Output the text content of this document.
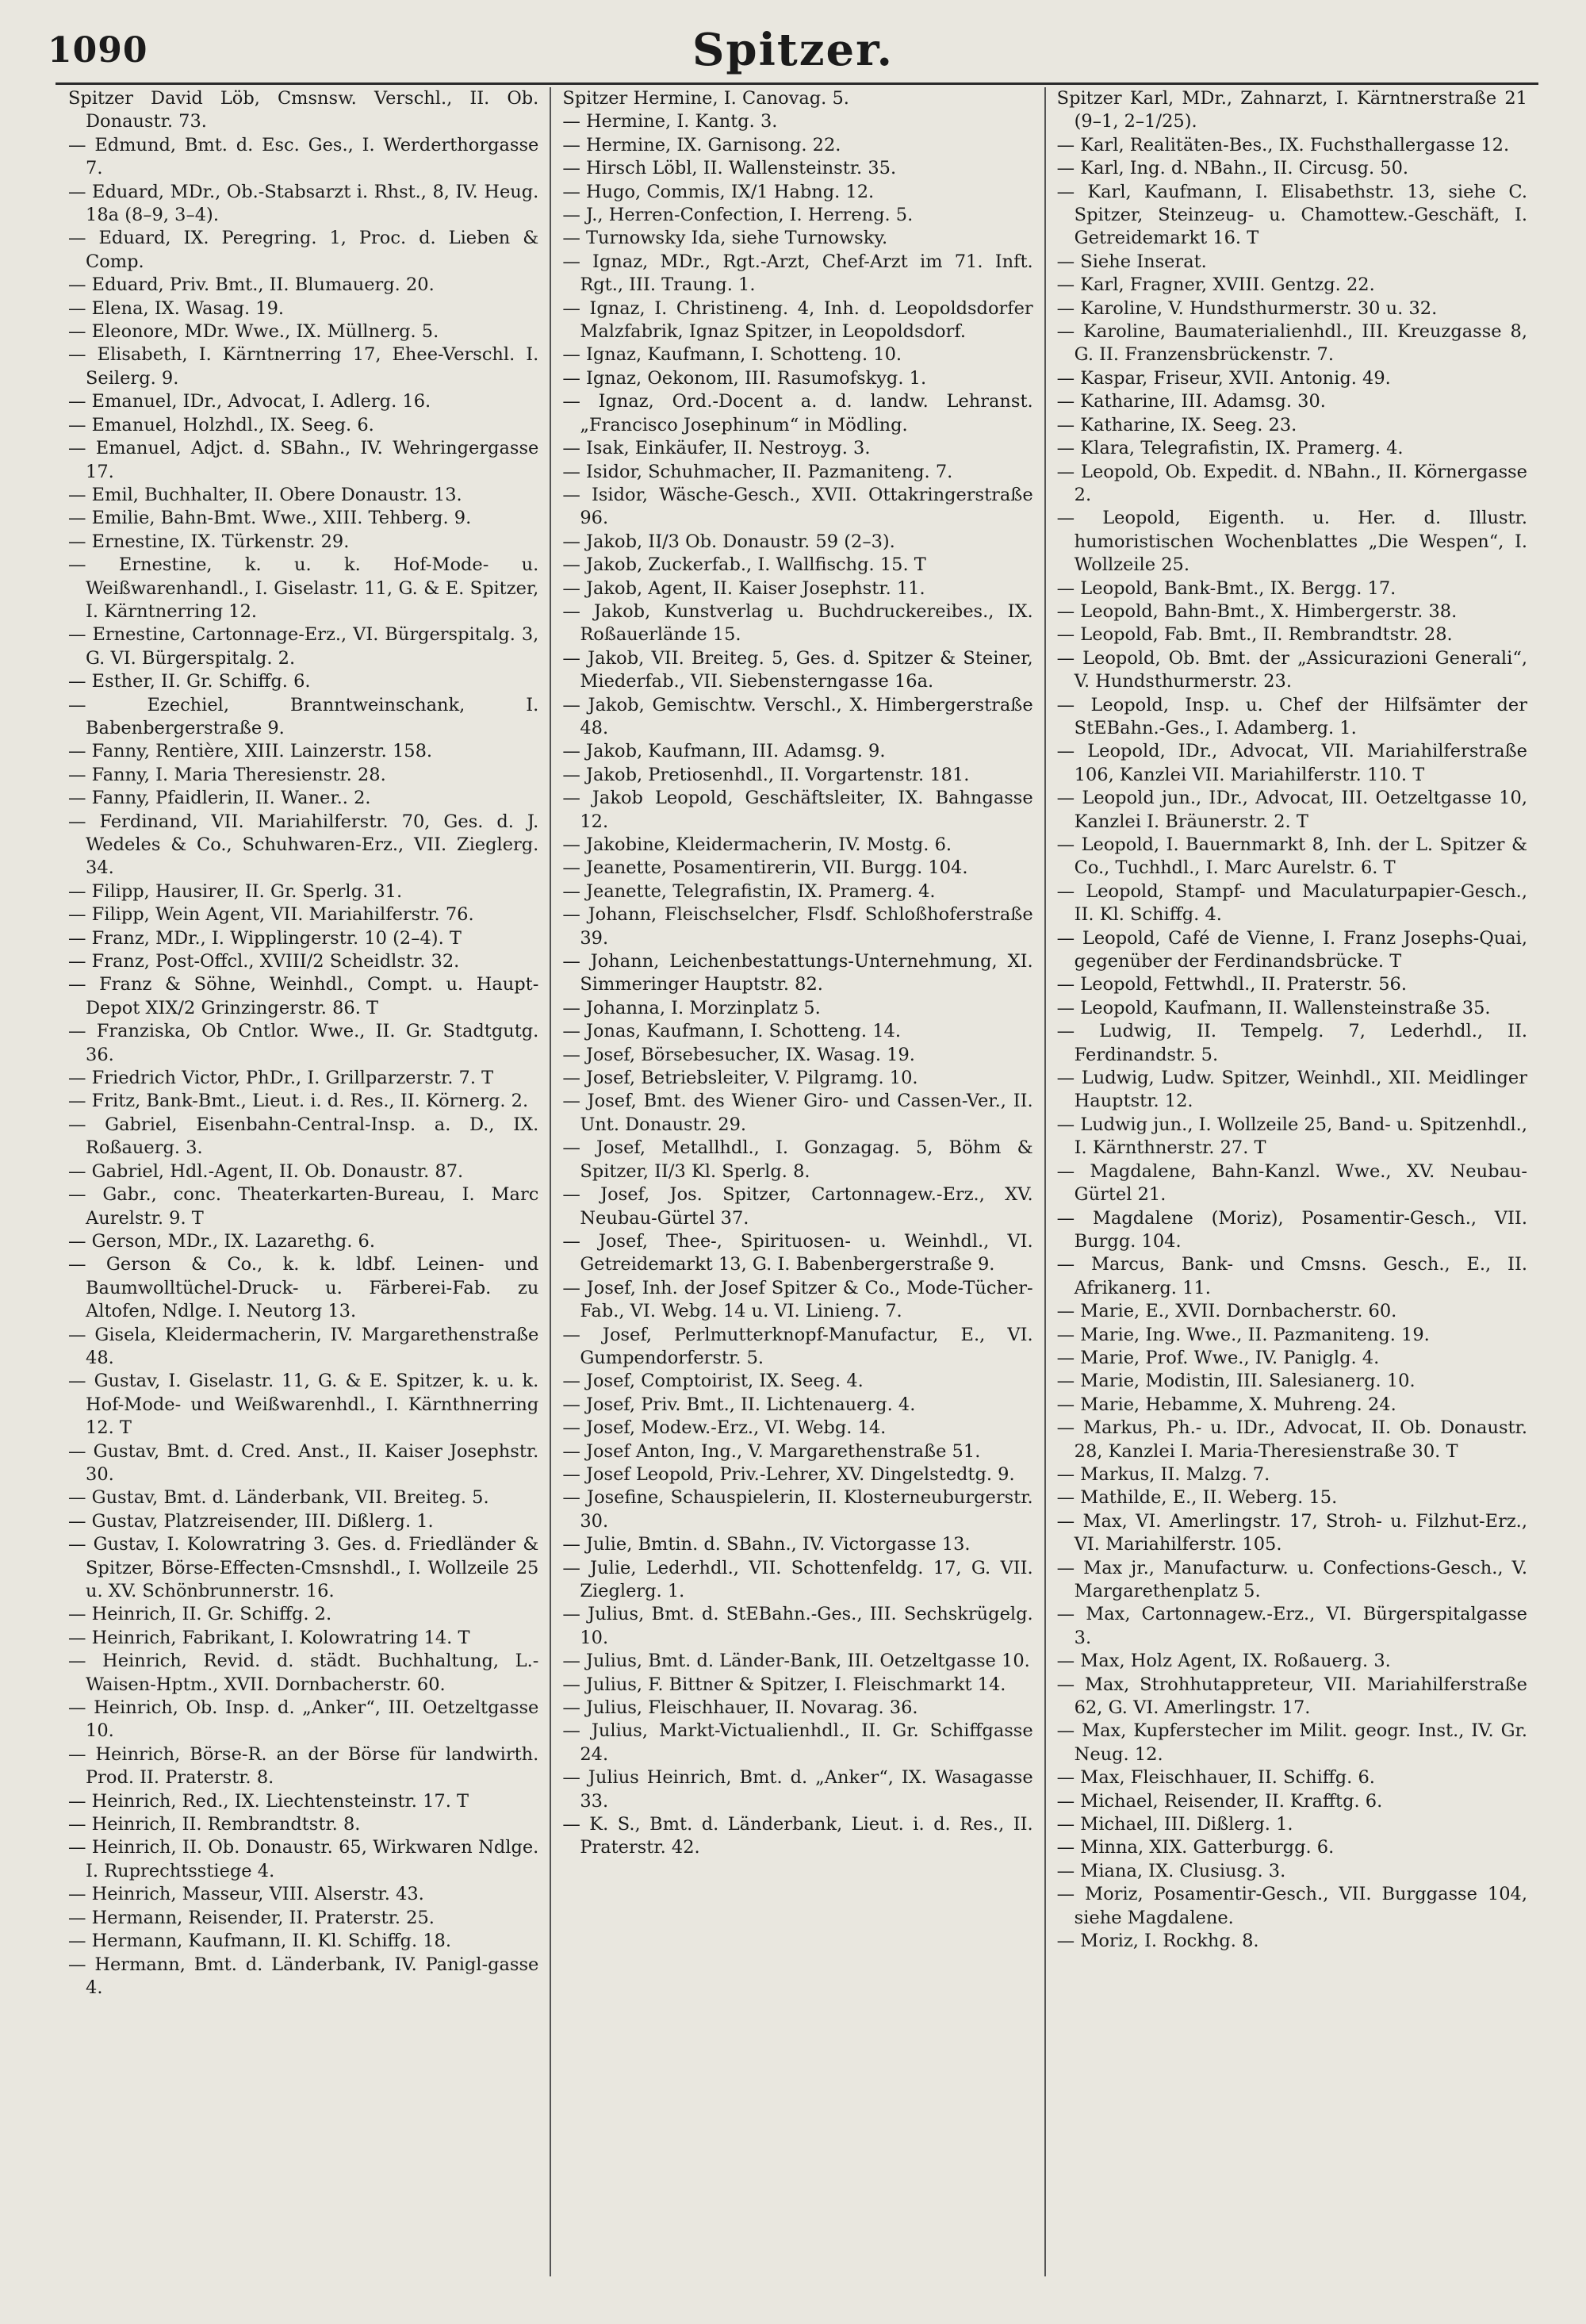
1090	Spitzer.
Spitzer David Löb, Cmsnsw. Verschl., II. Ob. Donaustr. 73.
— Edmund, Bmt. d. Esc. Ges., I. Werderthorgasse 7.
— Eduard, MDr., Ob.-Stabsarzt i. Rhst., 8, IV. Heug. 18a (8–9, 3–4).
— Eduard, IX. Peregring. 1, Proc. d. Lieben & Comp.
— Eduard, Priv. Bmt., II. Blumauerg. 20.
— Elena, IX. Wasag. 19.
— Eleonore, MDr. Wwe., IX. Müllnerg. 5.
— Elisabeth, I. Kärntnerring 17, Ehee-Verschl. I. Seilerg. 9.
— Emanuel, IDr., Advocat, I. Adlerg. 16.
— Emanuel, Holzhdl., IX. Seeg. 6.
— Emanuel, Adjct. d. SBahn., IV. Wehringergasse 17.
— Emil, Buchhalter, II. Obere Donaustr. 13.
— Emilie, Bahn-Bmt. Wwe., XIII. Tehberg. 9.
— Ernestine, IX. Türkenstr. 29.
— Ernestine, k. u. k. Hof-Mode- u. Weißwarenhandl., I. Giselastr. 11, G. & E. Spitzer, I. Kärntnerring 12.
— Ernestine, Cartonnage-Erz., VI. Bürgerspitalg. 3, G. VI. Bürgerspitalg. 2.
— Esther, II. Gr. Schiffg. 6.
— Ezechiel, Branntweinschank, I. Babenbergerstraße 9.
— Fanny, Rentière, XIII. Lainzerstr. 158.
— Fanny, I. Maria Theresienstr. 28.
— Fanny, Pfaidlerin, II. Waner.. 2.
— Ferdinand, VII. Mariahilferstr. 70, Ges. d. J. Wedeles & Co., Schuhwaren-Erz., VII. Zieglerg. 34.
— Filipp, Hausirer, II. Gr. Sperlg. 31.
— Filipp, Wein Agent, VII. Mariahilferstr. 76.
— Franz, MDr., I. Wipplingerstr. 10 (2–4). T
— Franz, Post-Offcl., XVIII/2 Scheidlstr. 32.
— Franz & Söhne, Weinhdl., Compt. u. Haupt-Depot XIX/2 Grinzingerstr. 86. T
— Franziska, Ob Cntlor. Wwe., II. Gr. Stadtgutg. 36.
— Friedrich Victor, PhDr., I. Grillparzerstr. 7. T
— Fritz, Bank-Bmt., Lieut. i. d. Res., II. Körnerg. 2.
— Gabriel, Eisenbahn-Central-Insp. a. D., IX. Roßauerg. 3.
— Gabriel, Hdl.-Agent, II. Ob. Donaustr. 87.
— Gabr., conc. Theaterkarten-Bureau, I. Marc Aurelstr. 9. T
— Gerson, MDr., IX. Lazarethg. 6.
— Gerson & Co., k. k. ldbf. Leinen- und Baumwolltüchel-Druck- u. Färberei-Fab. zu Altofen, Ndlge. I. Neutorg 13.
— Gisela, Kleidermacherin, IV. Margarethenstraße 48.
— Gustav, I. Giselastr. 11, G. & E. Spitzer, k. u. k. Hof-Mode- und Weißwarenhdl., I. Kärnthnerring 12. T
— Gustav, Bmt. d. Cred. Anst., II. Kaiser Josephstr. 30.
— Gustav, Bmt. d. Länderbank, VII. Breiteg. 5.
— Gustav, Platzreisender, III. Dißlerg. 1.
— Gustav, I. Kolowratring 3. Ges. d. Friedländer & Spitzer, Börse-Effecten-Cmsnshdl., I. Wollzeile 25 u. XV. Schönbrunnerstr. 16.
— Heinrich, II. Gr. Schiffg. 2.
— Heinrich, Fabrikant, I. Kolowratring 14. T
— Heinrich, Revid. d. städt. Buchhaltung, L.-Waisen-Hptm., XVII. Dornbacherstr. 60.
— Heinrich, Ob. Insp. d. „Anker“, III. Oetzeltgasse 10.
— Heinrich, Börse-R. an der Börse für landwirth. Prod. II. Praterstr. 8.
— Heinrich, Red., IX. Liechtensteinstr. 17. T
— Heinrich, II. Rembrandtstr. 8.
— Heinrich, II. Ob. Donaustr. 65, Wirkwaren Ndlge. I. Ruprechtsstiege 4.
— Heinrich, Masseur, VIII. Alserstr. 43.
— Hermann, Reisender, II. Praterstr. 25.
— Hermann, Kaufmann, II. Kl. Schiffg. 18.
— Hermann, Bmt. d. Länderbank, IV. Panigl-gasse 4.
Spitzer Hermine, I. Canovag. 5.
— Hermine, I. Kantg. 3.
— Hermine, IX. Garnisong. 22.
— Hirsch Löbl, II. Wallensteinstr. 35.
— Hugo, Commis, IX/1 Habng. 12.
— J., Herren-Confection, I. Herreng. 5.
— Turnowsky Ida, siehe Turnowsky.
— Ignaz, MDr., Rgt.-Arzt, Chef-Arzt im 71. Inft. Rgt., III. Traung. 1.
— Ignaz, I. Christineng. 4, Inh. d. Leopoldsdorfer Malzfabrik, Ignaz Spitzer, in Leopoldsdorf.
— Ignaz, Kaufmann, I. Schotteng. 10.
— Ignaz, Oekonom, III. Rasumofskyg. 1.
— Ignaz, Ord.-Docent a. d. landw. Lehranst. „Francisco Josephinum“ in Mödling.
— Isak, Einkäufer, II. Nestroyg. 3.
— Isidor, Schuhmacher, II. Pazmaniteng. 7.
— Isidor, Wäsche-Gesch., XVII. Ottakringerstraße 96.
— Jakob, II/3 Ob. Donaustr. 59 (2–3).
— Jakob, Zuckerfab., I. Wallfischg. 15. T
— Jakob, Agent, II. Kaiser Josephstr. 11.
— Jakob, Kunstverlag u. Buchdruckereibes., IX. Roßauerlände 15.
— Jakob, VII. Breiteg. 5, Ges. d. Spitzer & Steiner, Miederfab., VII. Siebensterngasse 16a.
— Jakob, Gemischtw. Verschl., X. Himbergerstraße 48.
— Jakob, Kaufmann, III. Adamsg. 9.
— Jakob, Pretiosenhdl., II. Vorgartenstr. 181.
— Jakob Leopold, Geschäftsleiter, IX. Bahngasse 12.
— Jakobine, Kleidermacherin, IV. Mostg. 6.
— Jeanette, Posamentirerin, VII. Burgg. 104.
— Jeanette, Telegrafistin, IX. Pramerg. 4.
— Johann, Fleischselcher, Flsdf. Schloßhoferstraße 39.
— Johann, Leichenbestattungs-Unternehmung, XI. Simmeringer Hauptstr. 82.
— Johanna, I. Morzinplatz 5.
— Jonas, Kaufmann, I. Schotteng. 14.
— Josef, Börsebesucher, IX. Wasag. 19.
— Josef, Betriebsleiter, V. Pilgramg. 10.
— Josef, Bmt. des Wiener Giro- und Cassen-Ver., II. Unt. Donaustr. 29.
— Josef, Metallhdl., I. Gonzagag. 5, Böhm & Spitzer, II/3 Kl. Sperlg. 8.
— Josef, Jos. Spitzer, Cartonnagew.-Erz., XV. Neubau-Gürtel 37.
— Josef, Thee-, Spirituosen- u. Weinhdl., VI. Getreidemarkt 13, G. I. Babenbergerstraße 9.
— Josef, Inh. der Josef Spitzer & Co., Mode-Tücher-Fab., VI. Webg. 14 u. VI. Linieng. 7.
— Josef, Perlmutterknopf-Manufactur, E., VI. Gumpendorferstr. 5.
— Josef, Comptoirist, IX. Seeg. 4.
— Josef, Priv. Bmt., II. Lichtenauerg. 4.
— Josef, Modew.-Erz., VI. Webg. 14.
— Josef Anton, Ing., V. Margarethenstraße 51.
— Josef Leopold, Priv.-Lehrer, XV. Dingelstedtg. 9.
— Josefine, Schauspielerin, II. Klosterneuburgerstr. 30.
— Julie, Bmtin. d. SBahn., IV. Victorgasse 13.
— Julie, Lederhdl., VII. Schottenfeldg. 17, G. VII. Zieglerg. 1.
— Julius, Bmt. d. StEBahn.-Ges., III. Sechskrügelg. 10.
— Julius, Bmt. d. Länder-Bank, III. Oetzeltgasse 10.
— Julius, F. Bittner & Spitzer, I. Fleischmarkt 14.
— Julius, Fleischhauer, II. Novarag. 36.
— Julius, Markt-Victualienhdl., II. Gr. Schiffgasse 24.
— Julius Heinrich, Bmt. d. „Anker“, IX. Wasagasse 33.
— K. S., Bmt. d. Länderbank, Lieut. i. d. Res., II. Praterstr. 42.
Spitzer Karl, MDr., Zahnarzt, I. Kärntnerstraße 21 (9–1, 2–1/25).
— Karl, Realitäten-Bes., IX. Fuchsthallergasse 12.
— Karl, Ing. d. NBahn., II. Circusg. 50.
— Karl, Kaufmann, I. Elisabethstr. 13, siehe C. Spitzer, Steinzeug- u. Chamottew.-Geschäft, I. Getreidemarkt 16. T
— Siehe Inserat.
— Karl, Fragner, XVIII. Gentzg. 22.
— Karoline, V. Hundsthurmerstr. 30 u. 32.
— Karoline, Baumaterialienhdl., III. Kreuzgasse 8, G. II. Franzensbrückenstr. 7.
— Kaspar, Friseur, XVII. Antonig. 49.
— Katharine, III. Adamsg. 30.
— Katharine, IX. Seeg. 23.
— Klara, Telegrafistin, IX. Pramerg. 4.
— Leopold, Ob. Expedit. d. NBahn., II. Körnergasse 2.
— Leopold, Eigenth. u. Her. d. Illustr. humoristischen Wochenblattes „Die Wespen“, I. Wollzeile 25.
— Leopold, Bank-Bmt., IX. Bergg. 17.
— Leopold, Bahn-Bmt., X. Himbergerstr. 38.
— Leopold, Fab. Bmt., II. Rembrandtstr. 28.
— Leopold, Ob. Bmt. der „Assicurazioni Generali“, V. Hundsthurmerstr. 23.
— Leopold, Insp. u. Chef der Hilfsämter der StEBahn.-Ges., I. Adamberg. 1.
— Leopold, IDr., Advocat, VII. Mariahilferstraße 106, Kanzlei VII. Mariahilferstr. 110. T
— Leopold jun., IDr., Advocat, III. Oetzeltgasse 10, Kanzlei I. Bräunerstr. 2. T
— Leopold, I. Bauernmarkt 8, Inh. der L. Spitzer & Co., Tuchhdl., I. Marc Aurelstr. 6. T
— Leopold, Stampf- und Maculaturpapier-Gesch., II. Kl. Schiffg. 4.
— Leopold, Café de Vienne, I. Franz Josephs-Quai, gegenüber der Ferdinandsbrücke. T
— Leopold, Fettwhdl., II. Praterstr. 56.
— Leopold, Kaufmann, II. Wallensteinstraße 35.
— Ludwig, II. Tempelg. 7, Lederhdl., II. Ferdinandstr. 5.
— Ludwig, Ludw. Spitzer, Weinhdl., XII. Meidlinger Hauptstr. 12.
— Ludwig jun., I. Wollzeile 25, Band- u. Spitzenhdl., I. Kärnthnerstr. 27. T
— Magdalene, Bahn-Kanzl. Wwe., XV. Neubau-Gürtel 21.
— Magdalene (Moriz), Posamentir-Gesch., VII. Burgg. 104.
— Marcus, Bank- und Cmsns. Gesch., E., II. Afrikanerg. 11.
— Marie, E., XVII. Dornbacherstr. 60.
— Marie, Ing. Wwe., II. Pazmaniteng. 19.
— Marie, Prof. Wwe., IV. Paniglg. 4.
— Marie, Modistin, III. Salesianerg. 10.
— Marie, Hebamme, X. Muhreng. 24.
— Markus, Ph.- u. IDr., Advocat, II. Ob. Donaustr. 28, Kanzlei I. Maria-Theresienstraße 30. T
— Markus, II. Malzg. 7.
— Mathilde, E., II. Weberg. 15.
— Max, VI. Amerlingstr. 17, Stroh- u. Filzhut-Erz., VI. Mariahilferstr. 105.
— Max jr., Manufacturw. u. Confections-Gesch., V. Margarethenplatz 5.
— Max, Cartonnagew.-Erz., VI. Bürgerspitalgasse 3.
— Max, Holz Agent, IX. Roßauerg. 3.
— Max, Strohhutappreteur, VII. Mariahilferstraße 62, G. VI. Amerlingstr. 17.
— Max, Kupferstecher im Milit. geogr. Inst., IV. Gr. Neug. 12.
— Max, Fleischhauer, II. Schiffg. 6.
— Michael, Reisender, II. Krafftg. 6.
— Michael, III. Dißlerg. 1.
— Minna, XIX. Gatterburgg. 6.
— Miana, IX. Clusiusg. 3.
— Moriz, Posamentir-Gesch., VII. Burggasse 104, siehe Magdalene.
— Moriz, I. Rockhg. 8.
